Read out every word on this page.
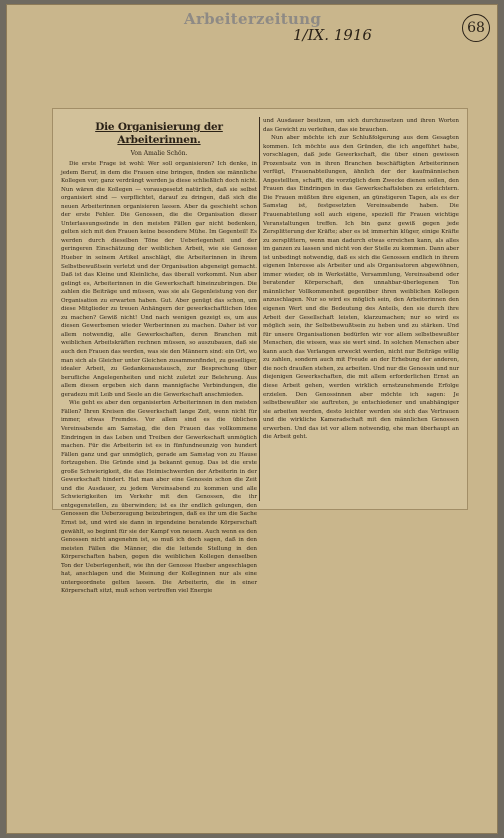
Arbeiterzeitung
1/IX. 1916	68
Die Organisierung der Arbeiterinnen.
Von Amalie Schön.

Die erste Frage ist wohl: Wer soll organisieren? Ich denke, in jedem Beruf, in dem die Frauen eine bringen, finden sie männliche Kollegen vor; ganz verdrängt werden ja diese schließlich doch nicht. Nun wären die Kollegen — vorausgesetzt natürlich, daß sie selbst organisiert sind — verpflichtet, darauf zu dringen, daß sich die neuen Arbeiterinnen organisieren lassen. Aber da geschieht schon der erste Fehler. Die Genossen, die die Organisation dieser Unterlassungssünde in den meisten Fällen gar nicht bedenken, gelten sich mit den Frauen keine besondere Mühe. Im Gegenteil! Es werden durch dieselben Töne der Ueberlegenheit und der geringeren Einschätzung der weiblichen Arbeit, wie sie Genosse Hueber in seinem Artikel anschlägt, die Arbeiterinnen in ihrem Selbstbewußtsein verletzt und der Organisation abgeneigt gemacht. Daß ist das Kleine und Kleinliche, das überall vorkommt. Nun aber gelingt es, Arbeiterinnen in die Gewerkschaft hineinzubringen. Die zahlen die Beiträge und müssen, was sie als Gegenleistung von der Organisation zu erwarten haben. Gut. Aber genügt das schon, um diese Mitglieder zu treuen Anhängern der gewerkschaftlichen Idee zu machen? Gewiß nicht! Und nach wenigen gezeigt es, um aus diesen Gewerbsmen wieder Werberinnen zu machen. Daher ist vor allem notwendig, alle Gewerkschaften, deren Branchen mit weiblichen Arbeitskräften rechnen müssen, so auszubauen, daß sie auch den Frauen das werden, was sie den Männern sind: ein Ort, wo man sich als Gleicher unter Gleichen zusammenfindet, zu geselliger, idealer Arbeit, zu Gedankenaustausch, zur Besprechung über berufliche Angelegenheiten und nicht zuletzt zur Belehrung. Aus allem diesen ergeben sich dann mannigfache Verbindungen, die geradezu mit Leib und Seele an die Gewerkschaft anschmieden.

Wie geht es aber den organisierten Arbeiterinnen in den meisten Fällen? Ihren Kreisen die Gewerkschaft lange Zeit, wenn nicht für immer, etwas Fremdes. Vor allem sind es die üblichen Vereinsabende am Samstag, die den Frauen das vollkommene Eindringen in das Leben und Treiben der Gewerkschaft unmöglich machen. Für die Arbeiterin ist es in fünfundneunzig von hundert Fällen ganz und gar unmöglich, gerade am Samstag von zu Hause fortzugehen. Die Gründe sind ja bekannt genug. Das ist die erste große Schwierigkeit, die das Heimischwerden der Arbeiterin in der Gewerkschaft hindert. Hat man aber eine Genossin schon die Zeit und die Ausdauer, zu jedem Vereinsabend zu kommen und alle Schwierigkeiten im Verkehr mit den Genossen, die ihr entgegenstellen, zu überwinden; ist es ihr endlich gelungen, den Genossen die Ueberzeugung beizubringen, daß es ihr um die Sache Ernst ist, und wird sie dann in irgendeine beratende Körperschaft gewählt, so beginnt für sie der Kampf von neuem. Auch wenn es den Genossen nicht angenehm ist, so muß ich doch sagen, daß in den meisten Fällen die Männer, die die leitende Stellung in den Körperschaften haben, gegen die weiblichen Kollegen denselben Ton der Ueberlegenheit, wie ihn der Genosse Hueber angeschlagen hat, anschlagen und die Meinung der Kolleginnen nur als eine untergeordnete gelten lassen. Die Arbeiterin, die in einer Körperschaft sitzt, muß schon vertreffen viel Energie

und Ausdauer besitzen, um sich durchzusetzen und ihren Worten das Gewicht zu verleihen, das sie brauchen.

Nun aber möchte ich zur Schlußfolgerung aus dem Gesagten kommen. Ich möchte aus den Gründen, die ich angeführt habe, vorschlagen, daß jede Gewerkschaft, die über einen gewissen Prozentsatz von in ihren Branchen beschäftigten Arbeiterinnen verfügt, Frauenabteilungen, ähnlich der der kaufmännischen Angestellten, schafft, die vorzüglich dem Zwecke dienen sollen, den Frauen das Eindringen in das Gewerkschaftsleben zu erleichtern. Die Frauen müßten ihre eigenen, an günstigeren Tagen, als es der Samstag ist, festgesetzten Vereinsabende haben. Die Frauenabteilung soll auch eigene, speziell für Frauen wichtige Veranstaltungen treffen. Ich bin ganz gewiß gegen jede Zersplitterung der Kräfte; aber es ist immerhin klüger, einige Kräfte zu zersplittern, wenn man dadurch etwas erreichen kann, als alles im ganzen zu lassen und nicht von der Stelle zu kommen. Dann aber ist unbedingt notwendig, daß es sich die Genossen endlich in ihrem eigenen Interesse als Arbeiter und als Organisatoren abgewöhnen, immer wieder, ob in Werkstätte, Versammlung, Vereinsabend oder beratender Körperschaft, den unnahbar-überlegenen Ton männlicher Vollkommenheit gegenüber ihren weiblichen Kollegen anzuschlagen. Nur so wird es möglich sein, den Arbeiterinnen den eigenen Wert und die Bedeutung des Anteils, den sie durch ihre Arbeit der Gesellschaft leisten, klarzumachen; nur so wird es möglich sein, ihr Selbstbewußtsein zu heben und zu stärken. Und für unsere Organisationen bedürfen wir vor allem selbstbewußter Menschen, die wissen, was sie wert sind. In solchen Menschen aber kann auch das Verlangen erweckt werden, nicht nur Beiträge willig zu zahlen, sondern auch mit Freude an der Erhebung der anderen, die noch draußen stehen, zu arbeiten. Und nur die Genossin und nur diejenigen Gewerkschaften, die mit allem erforderlichen Ernst an diese Arbeit gehen, werden wirklich ernstzunehmende Erfolge erzielen. Den Genossinnen aber möchte ich sagen: Je selbstbewußter sie auftreten, je entschiedener und unabhängiger sie arbeiten werden, desto leichter werden sie sich das Vertrauen und die wirkliche Kameradschaft mit den männlichen Genossen erwerben. Und das ist vor allem notwendig, ehe man überhaupt an die Arbeit geht.
